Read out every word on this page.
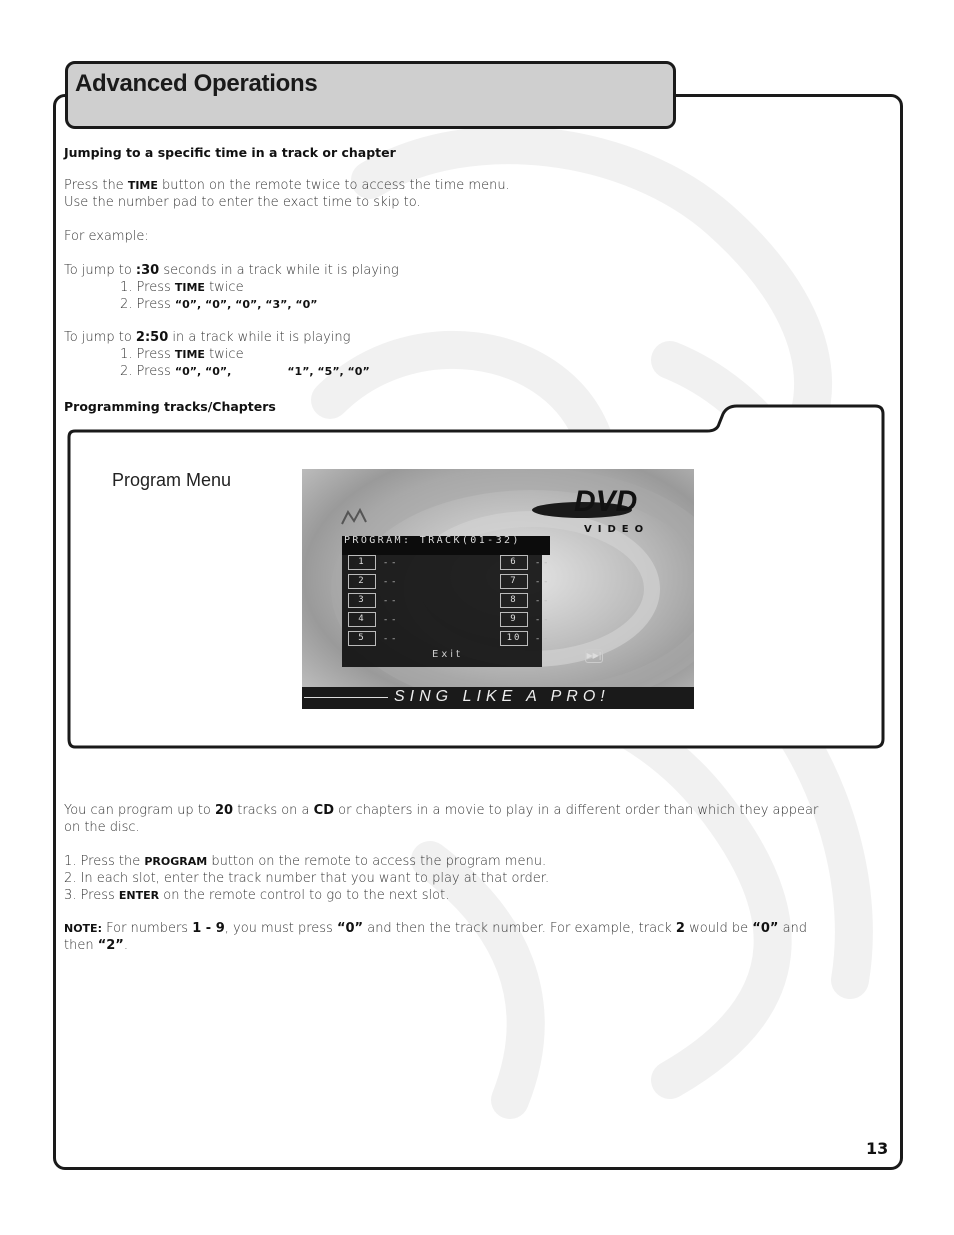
Advanced Operations
Jumping to a specific time in a track or chapter
Press the TIME button on the remote twice to access the time menu.
Use the number pad to enter the exact time to skip to.
For example:
To jump to :30 seconds in a track while it is playing
1. Press TIME twice
2. Press “0”, “0”, “0”, “3”, “0”
To jump to 2:50 in a track while it is playing
1. Press TIME twice
2. Press “0”, “0”,	“1”, “5”, “0”
Programming tracks/Chapters
Program Menu
DVD
VIDEO
PROGRAM: TRACK(01-32)
1	- -
2	- -
3	- -
4	- -
5	- -
6	- -
7	- -
8	- -
9	- -
10	- -
Exit	▶▶|
SING LIKE A PRO!
You can program up to 20 tracks on a CD or chapters in a movie to play in a different order than which they appear
on the disc.
1. Press the PROGRAM button on the remote to access the program menu.
2. In each slot, enter the track number that you want to play at that order.
3. Press ENTER on the remote control to go to the next slot.
NOTE: For numbers 1 - 9, you must press “0” and then the track number. For example, track 2 would be “0” and
then “2”.
13
